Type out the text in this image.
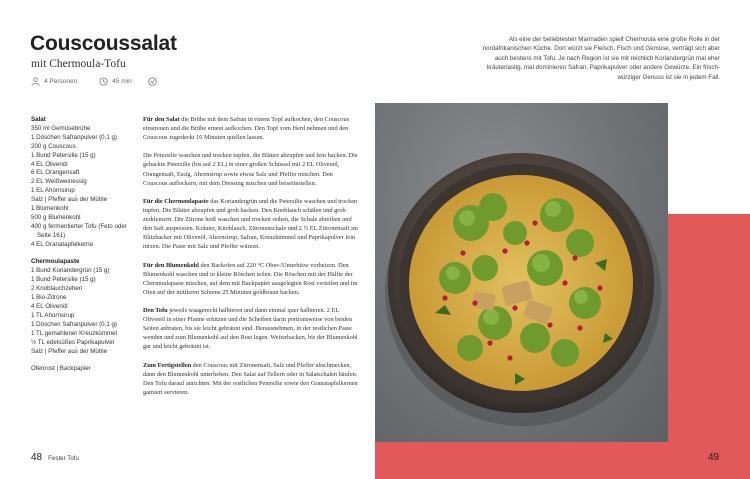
Couscoussalat
mit Chermoula-Tofu
4 Personen	45 min
Salat
350 ml Gemüsebrühe
1 Döschen Safranpulver (0,1 g)
200 g Couscous
1 Bund Petersilie (15 g)
4 EL Olivenöl
6 EL Orangensaft
2 EL Weißweinessig
1 EL Ahornsirup
Salz | Pfeffer aus der Mühle
1 Blumenkohl
500 g Blumenkohl
400 g fermentierter Tofu (Feto oder
Seite 161)
4 EL Granatapfelkerne
Chermoulapaste
1 Bund Koriandergrün (15 g)
1 Bund Petersilie (15 g)
2 Knoblauchzehen
1 Bio-Zitrone
4 EL Olivenöl
1 TL Ahornsirup
1 Döschen Safranpulver (0,1 g)
1 TL gemahlener Kreuzkümmel
½ TL edelsüßes Paprikapulver
Salz | Pfeffer aus der Mühle
Ofenrost | Backpapier

Für den Salat die Brühe mit dem Safran in einem Topf aufkochen, den Couscous einstreuen und die Brühe erneut aufkochen. Den Topf vom Herd nehmen und den Couscous zugedeckt 10 Minuten quellen lassen.

Die Petersilie waschen und trocken tupfen, die Blätter abzupfen und fein hacken. Die gehackte Petersilie (bis auf 2 EL) in einer großen Schüssel mit 2 EL Olivenöl, Orangensaft, Essig, Ahornsirup sowie etwas Salz und Pfeffer mischen. Den Couscous auflockern, mit dem Dressing mischen und beiseitestellen.

Für die Chermoulapaste das Koriandergrün und die Petersilie waschen und trocken tupfen. Die Blätter abzupfen und grob hacken. Den Knoblauch schälen und grob zerkleinern. Die Zitrone heiß waschen und trocken reiben, die Schale abreiben und den Saft auspressen. Kräuter, Knoblauch, Zitronenschale und 2 ½ EL Zitronensaft im Blitzhacker mit Olivenöl, Ahornsirup, Safran, Kreuzkümmel und Paprikapulver fein mixen. Die Paste mit Salz und Pfeffer würzen.

Für den Blumenkohl den Backofen auf 220 °C Ober-/Unterhitze vorheizen. Den Blumenkohl waschen und in kleine Röschen teilen. Die Röschen mit der Hälfte der Chermoulapaste mischen, auf dem mit Backpapier ausgelegten Rost verteilen und im Ofen auf der mittleren Schiene 25 Minuten goldbraun backen.

Den Tofu jeweils waagerecht halbieren und dann einmal quer halbieren. 2 EL Olivenöl in einer Pfanne erhitzen und die Scheiben darin portionsweise von beiden Seiten anbraten, bis sie leicht gebräunt sind. Herausnehmen, in der restlichen Paste wenden und zum Blumenkohl auf den Rost legen. Weiterbacken, bis der Blumenkohl gar und leicht gebräunt ist.

Zum Fertigstellen den Couscous mit Zitronensaft, Salz und Pfeffer abschmecken, dann den Blumenkohl unterheben. Den Salat auf Tellern oder in Salatschalen häufen. Den Tofu darauf anrichten. Mit der restlichen Petersilie sowie den Granatapfelkernen garniert servieren.

48 Fester Tofu
Als eine der beliebtesten Marinaden spielt Chermoula eine große Rolle in der nordafrikanischen Küche. Dort würzt sie Fleisch, Fisch und Gemüse, verträgt sich aber auch bestens mit Tofu. Je nach Region ist sie mit reichlich Koriandergrün mal eher kräuterlastig, mal dominieren Safran, Paprikapulver oder andere Gewürze. Ein frisch-würziger Genuss ist sie in jedem Fall.
49
